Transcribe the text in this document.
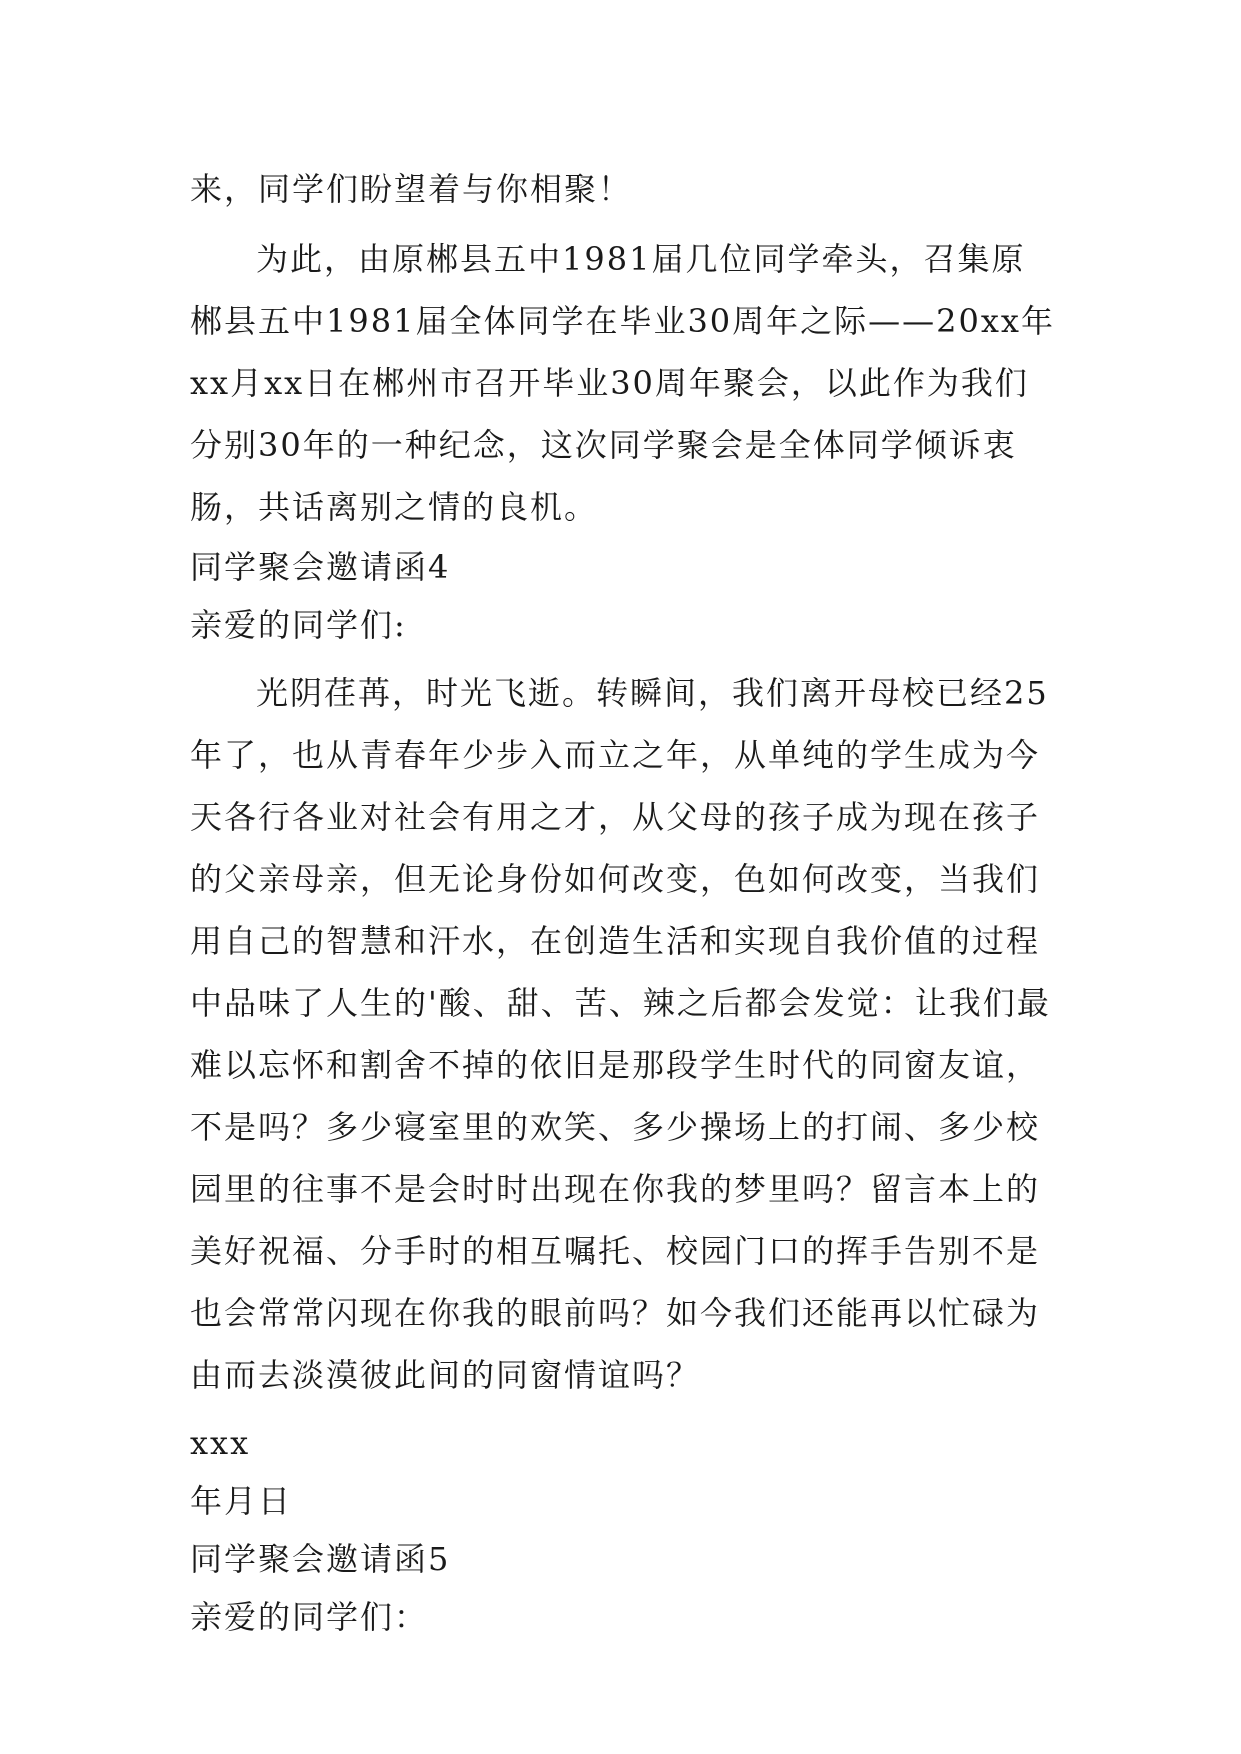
来，同学们盼望着与你相聚！

为此，由原郴县五中1981届几位同学牵头，召集原郴县五中1981届全体同学在毕业30周年之际——20xx年xx月xx日在郴州市召开毕业30周年聚会，以此作为我们分别30年的一种纪念，这次同学聚会是全体同学倾诉衷肠，共话离别之情的良机。

同学聚会邀请函4

亲爱的同学们:

光阴荏苒，时光飞逝。转瞬间，我们离开母校已经25年了，也从青春年少步入而立之年，从单纯的学生成为今天各行各业对社会有用之才，从父母的孩子成为现在孩子的父亲母亲，但无论身份如何改变，色如何改变，当我们用自己的智慧和汗水，在创造生活和实现自我价值的过程中品味了人生的'酸、甜、苦、辣之后都会发觉：让我们最难以忘怀和割舍不掉的依旧是那段学生时代的同窗友谊，不是吗？多少寝室里的欢笑、多少操场上的打闹、多少校园里的往事不是会时时出现在你我的梦里吗？留言本上的美好祝福、分手时的相互嘱托、校园门口的挥手告别不是也会常常闪现在你我的眼前吗？如今我们还能再以忙碌为由而去淡漠彼此间的同窗情谊吗？

xxx

年月日

同学聚会邀请函5

亲爱的同学们：
